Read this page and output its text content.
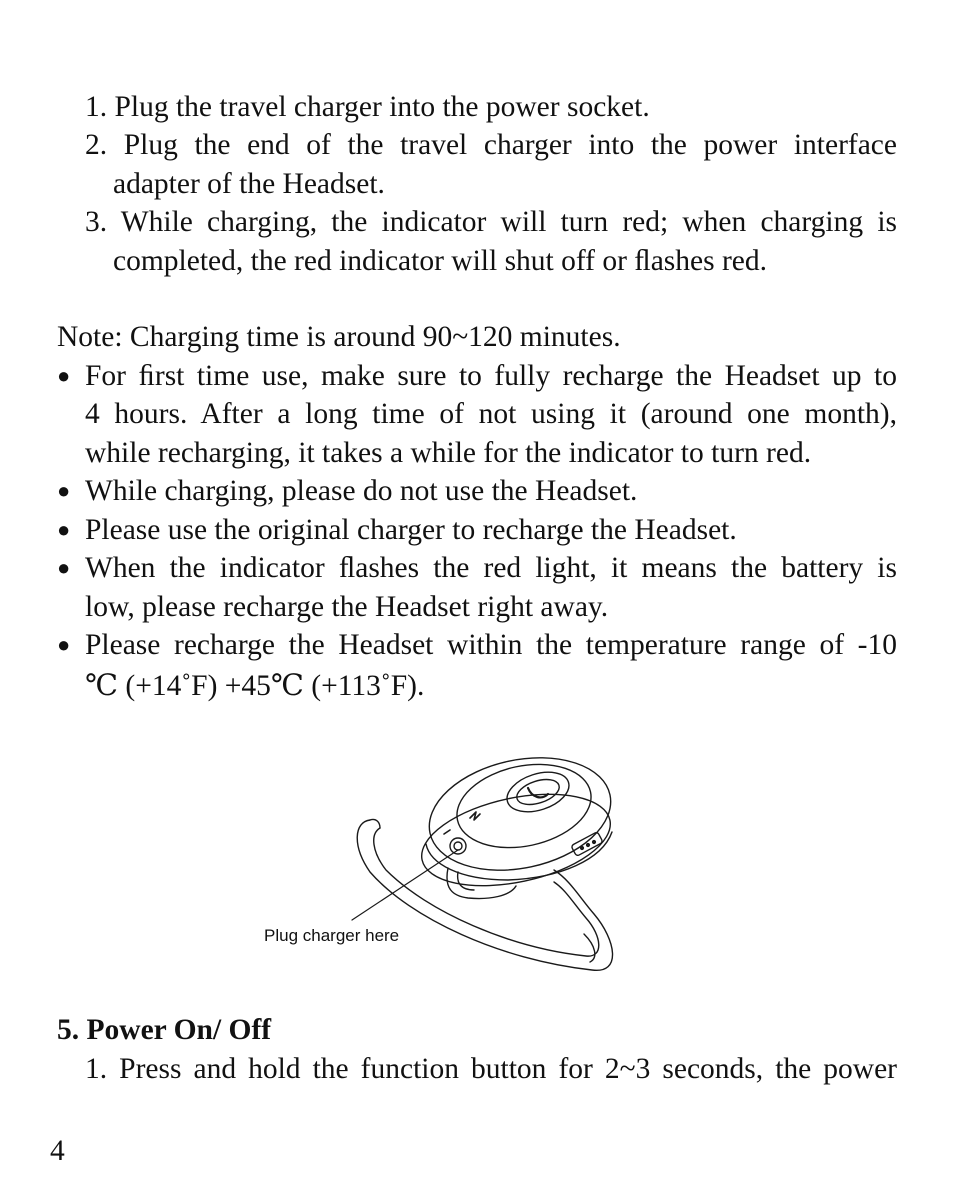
1. Plug the travel charger into the power socket.
2. Plug the end of the travel charger into the power interface
adapter of the Headset.
3. While charging, the indicator will turn red; when charging is
completed, the red indicator will shut off or ﬂashes red.
Note: Charging time is around 90~120 minutes.
● For ﬁrst time use, make sure to fully recharge the Headset up to
4 hours. After a long time of not using it (around one month),
while recharging, it takes a while for the indicator to turn red.
● While charging, please do not use the Headset.
● Please use the original charger to recharge the Headset.
● When the indicator ﬂashes the red light, it means the battery is
low, please recharge the Headset right away.
● Please recharge the Headset within the temperature range of -10
℃ (+14˚F) +45℃ (+113˚F).
Plug charger here
5. Power On/ Off
1. Press and hold the function button for 2~3 seconds, the power
4
